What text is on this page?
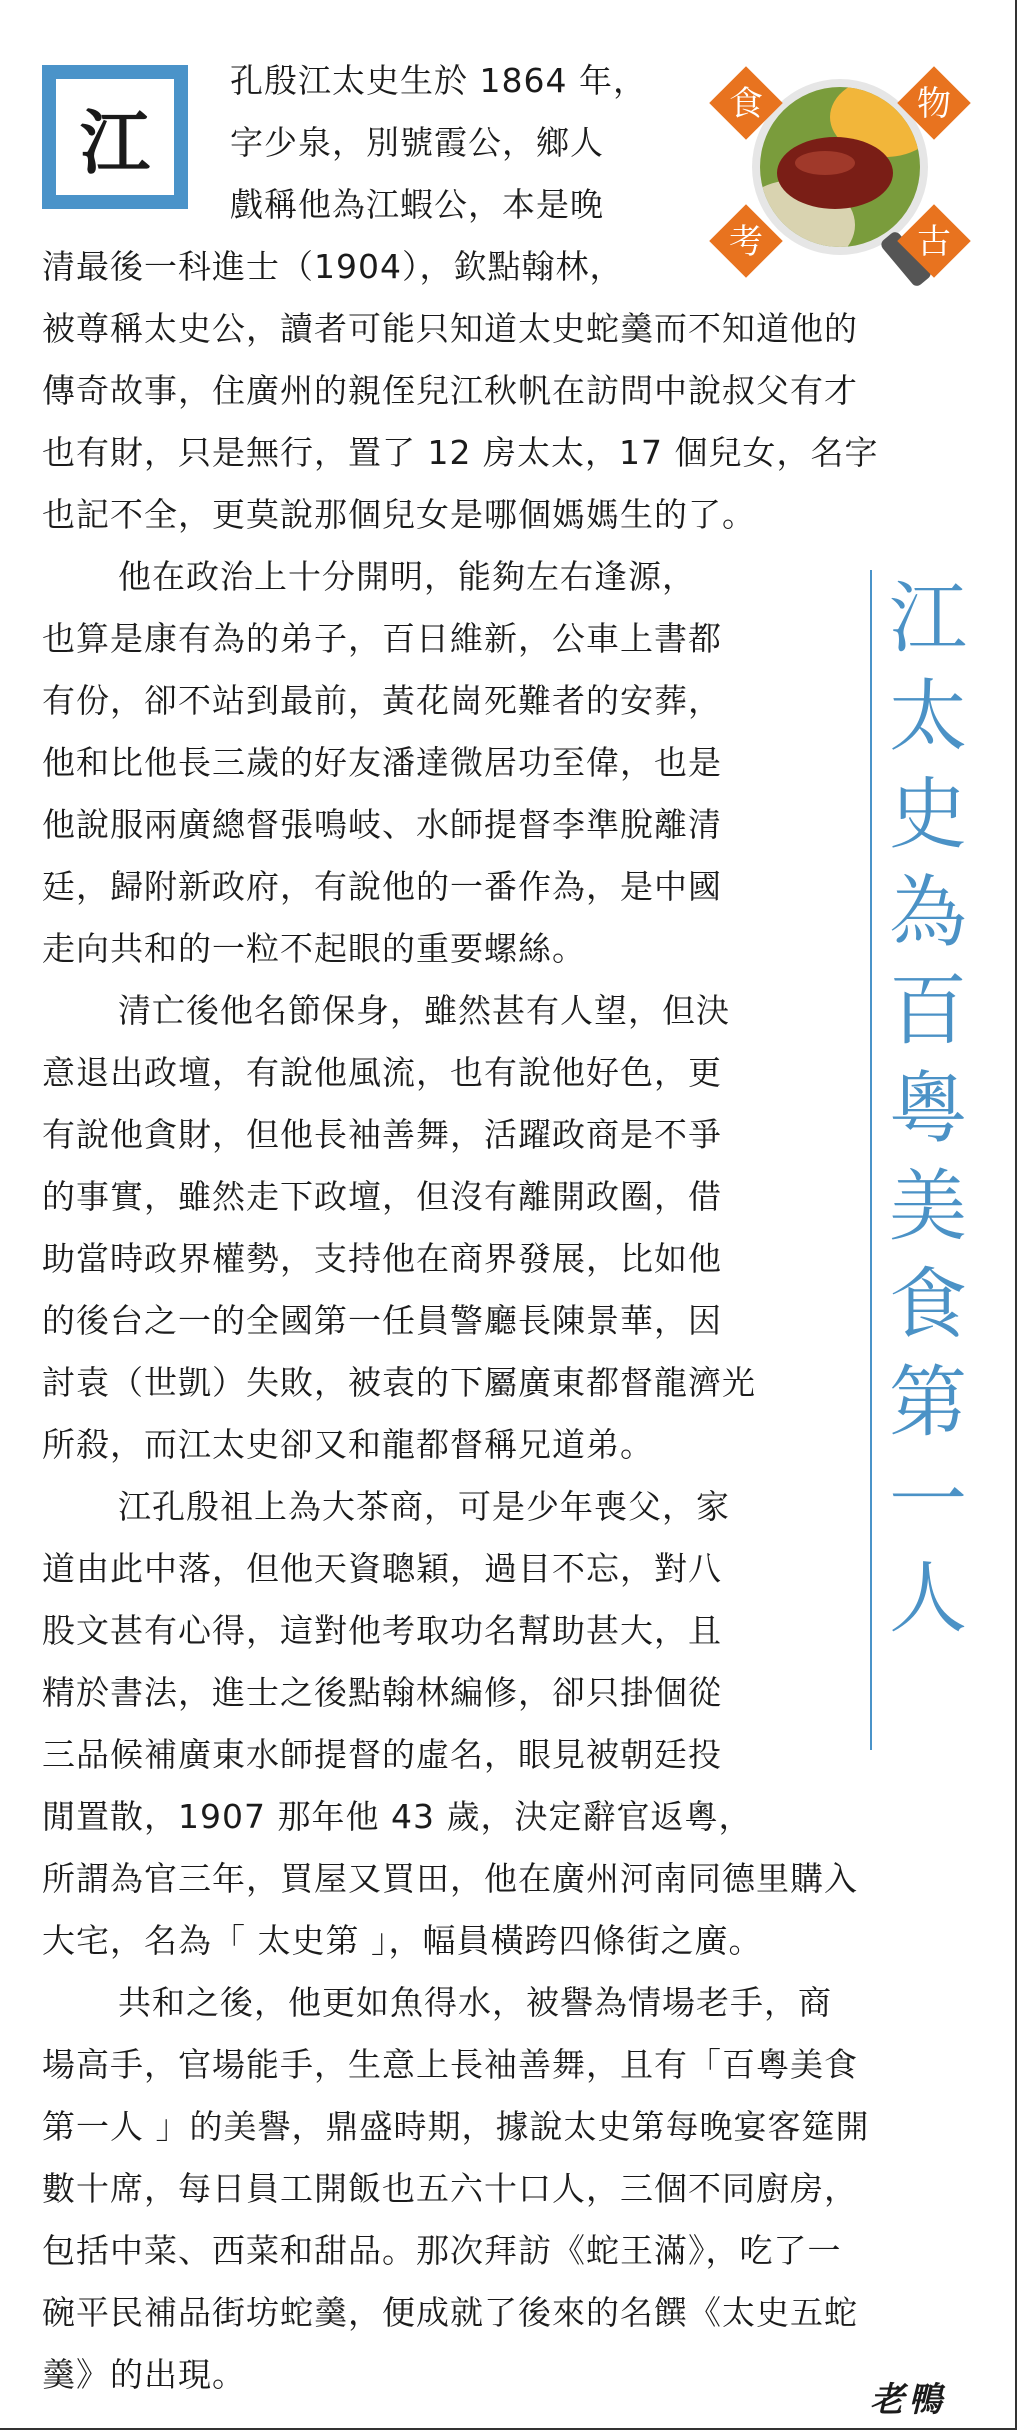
江	食	物
考	古
孔殷江太史生於 1864 年，
字少泉，別號霞公，鄉人
戲稱他為江蝦公，本是晚
清最後一科進士（1904），欽點翰林，
被尊稱太史公，讀者可能只知道太史蛇羹而不知道他的
傳奇故事，住廣州的親侄兒江秋帆在訪問中說叔父有才
也有財，只是無行，置了 12 房太太，17 個兒女，名字
也記不全，更莫說那個兒女是哪個媽媽生的了。
他在政治上十分開明，能夠左右逢源，
也算是康有為的弟子，百日維新，公車上書都
有份，卻不站到最前，黃花崗死難者的安葬，
他和比他長三歲的好友潘達微居功至偉，也是
他說服兩廣總督張鳴岐、水師提督李準脫離清
廷，歸附新政府，有說他的一番作為，是中國
走向共和的一粒不起眼的重要螺絲。
清亡後他名節保身，雖然甚有人望，但決
意退出政壇，有說他風流，也有說他好色，更
有說他貪財，但他長袖善舞，活躍政商是不爭
的事實，雖然走下政壇，但沒有離開政圈，借
助當時政界權勢，支持他在商界發展，比如他
的後台之一的全國第一任員警廳長陳景華，因
討袁（世凱）失敗，被袁的下屬廣東都督龍濟光
所殺，而江太史卻又和龍都督稱兄道弟。
江孔殷祖上為大茶商，可是少年喪父，家
道由此中落，但他天資聰穎，過目不忘，對八
股文甚有心得，這對他考取功名幫助甚大，且
精於書法，進士之後點翰林編修，卻只掛個從
三品候補廣東水師提督的虛名，眼見被朝廷投
閒置散，1907 那年他 43 歲，決定辭官返粵，
所謂為官三年，買屋又買田，他在廣州河南同德里購入
大宅，名為「 太史第 」，幅員橫跨四條街之廣。
共和之後，他更如魚得水，被譽為情場老手，商
場高手，官場能手，生意上長袖善舞，且有「百粵美食
第一人 」的美譽，鼎盛時期，據說太史第每晚宴客筵開
數十席，每日員工開飯也五六十口人，三個不同廚房，
包括中菜、西菜和甜品。那次拜訪《蛇王滿》，吃了一
碗平民補品街坊蛇羹，便成就了後來的名饌《太史五蛇
羹》的出現。
江
太
史
為
百
粵
美
食
第
一
人
老鴨
